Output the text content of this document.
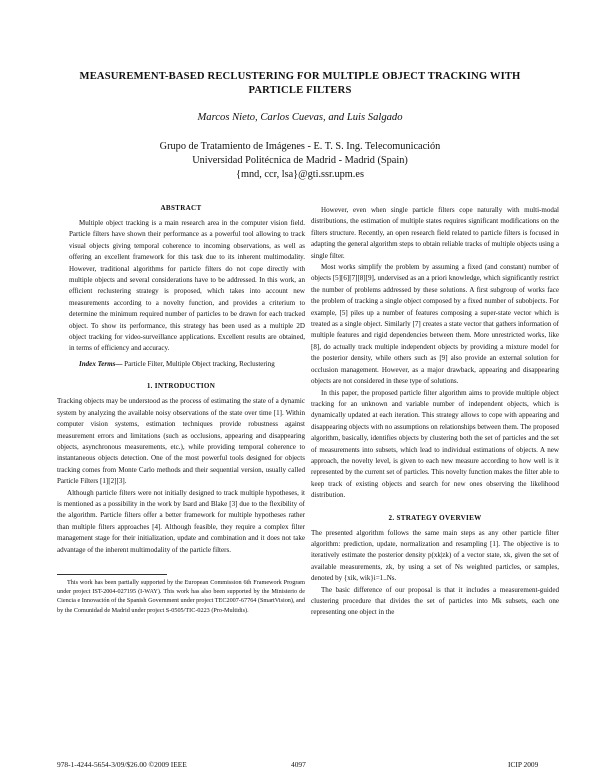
MEASUREMENT-BASED RECLUSTERING FOR MULTIPLE OBJECT TRACKING WITH
PARTICLE FILTERS
Marcos Nieto, Carlos Cuevas, and Luis Salgado
Grupo de Tratamiento de Imágenes - E. T. S. Ing. Telecomunicación
Universidad Politécnica de Madrid - Madrid (Spain)
{mnd, ccr, lsa}@gti.ssr.upm.es
ABSTRACT

Multiple object tracking is a main research area in the computer vision field. Particle filters have shown their performance as a powerful tool allowing to track visual objects giving temporal coherence to incoming observations, as well as offering an excellent framework for this task due to its inherent multimodality. However, traditional algorithms for particle filters do not cope directly with multiple objects and several considerations have to be addressed. In this work, an efficient reclustering strategy is proposed, which takes into account new measurements according to a novelty function, and provides a criterium to determine the minimum required number of particles to be drawn for each tracked object. To show its performance, this strategy has been used as a multiple 2D object tracking for video-surveillance applications. Excellent results are obtained, in terms of efficiency and accuracy.

Index Terms— Particle Filter, Multiple Object tracking, Reclustering

1. INTRODUCTION

Tracking objects may be understood as the process of estimating the state of a dynamic system by analyzing the available noisy observations of the state over time [1]. Within computer vision systems, estimation techniques provide robustness against measurement errors and limitations (such as occlusions, appearing and disappearing objects, asynchronous measurements, etc.), while providing temporal coherence to instantaneous objects detection. One of the most powerful tools designed for objects tracking comes from Monte Carlo methods and their sequential version, usually called Particle Filters [1][2][3].

Although particle filters were not initially designed to track multiple hypotheses, it is mentioned as a possibility in the work by Isard and Blake [3] due to the flexibility of the algorithm. Particle filters offer a better framework for multiple hypotheses rather than multiple filters approaches [4]. Although feasible, they require a complex filter management stage for their initialization, update and combination and it does not take advantage of the inherent multimodality of the particle filters.

This work has been partially supported by the European Commission 6th Framework Program under project IST-2004-027195 (I-WAY). This work has also been supported by the Ministerio de Ciencia e Innovación of the Spanish Government under project TEC2007-67764 (SmartVision), and by the Comunidad de Madrid under project S-0505/TIC-0223 (Pro-Multidis).

However, even when single particle filters cope naturally with multi-modal distributions, the estimation of multiple states requires significant modifications on the filters structure. Recently, an open research field related to particle filters is focused in adapting the general algorithm steps to obtain reliable tracks of multiple objects using a single filter.

Most works simplify the problem by assuming a fixed (and constant) number of objects [5][6][7][8][9], undervised as an a priori knowledge, which significantly restrict the number of problems addressed by these solutions. A first subgroup of works face the problem of tracking a single object composed by a fixed number of subobjects. For example, [5] piles up a number of features composing a super-state vector which is treated as a single object. Similarly [7] creates a state vector that gathers information of multiple features and rigid dependencies between them. More unrestricted works, like [8], do actually track multiple independent objects by providing a mixture model for the posterior density, while others such as [9] also provide an external solution for occlusion management. However, as a major drawback, appearing and disappearing objects are not considered in these type of solutions.

In this paper, the proposed particle filter algorithm aims to provide multiple object tracking for an unknown and variable number of independent objects, which is dynamically updated at each iteration. This strategy allows to cope with appearing and disappearing objects with no assumptions on relationships between them. The proposed algorithm, basically, identifies objects by clustering both the set of particles and the set of measurements into subsets, which lead to individual estimations of objects. A new approach, the novelty level, is given to each new measure according to how well is it represented by the current set of particles. This novelty function makes the filter able to keep track of existing objects and search for new ones observing the likelihood distribution.

2. STRATEGY OVERVIEW

The presented algorithm follows the same main steps as any other particle filter algorithm: prediction, update, normalization and resampling [1]. The objective is to iteratively estimate the posterior density p(xk|zk) of a vector state, xk, given the set of available measurements, zk, by using a set of Ns weighted particles, or samples, denoted by {xik, wik}i=1..Ns.

The basic difference of our proposal is that it includes a measurement-guided clustering procedure that divides the set of particles into Mk subsets, each one representing one object in the

978-1-4244-5654-3/09/$26.00 ©2009 IEEE	4097	ICIP 2009
